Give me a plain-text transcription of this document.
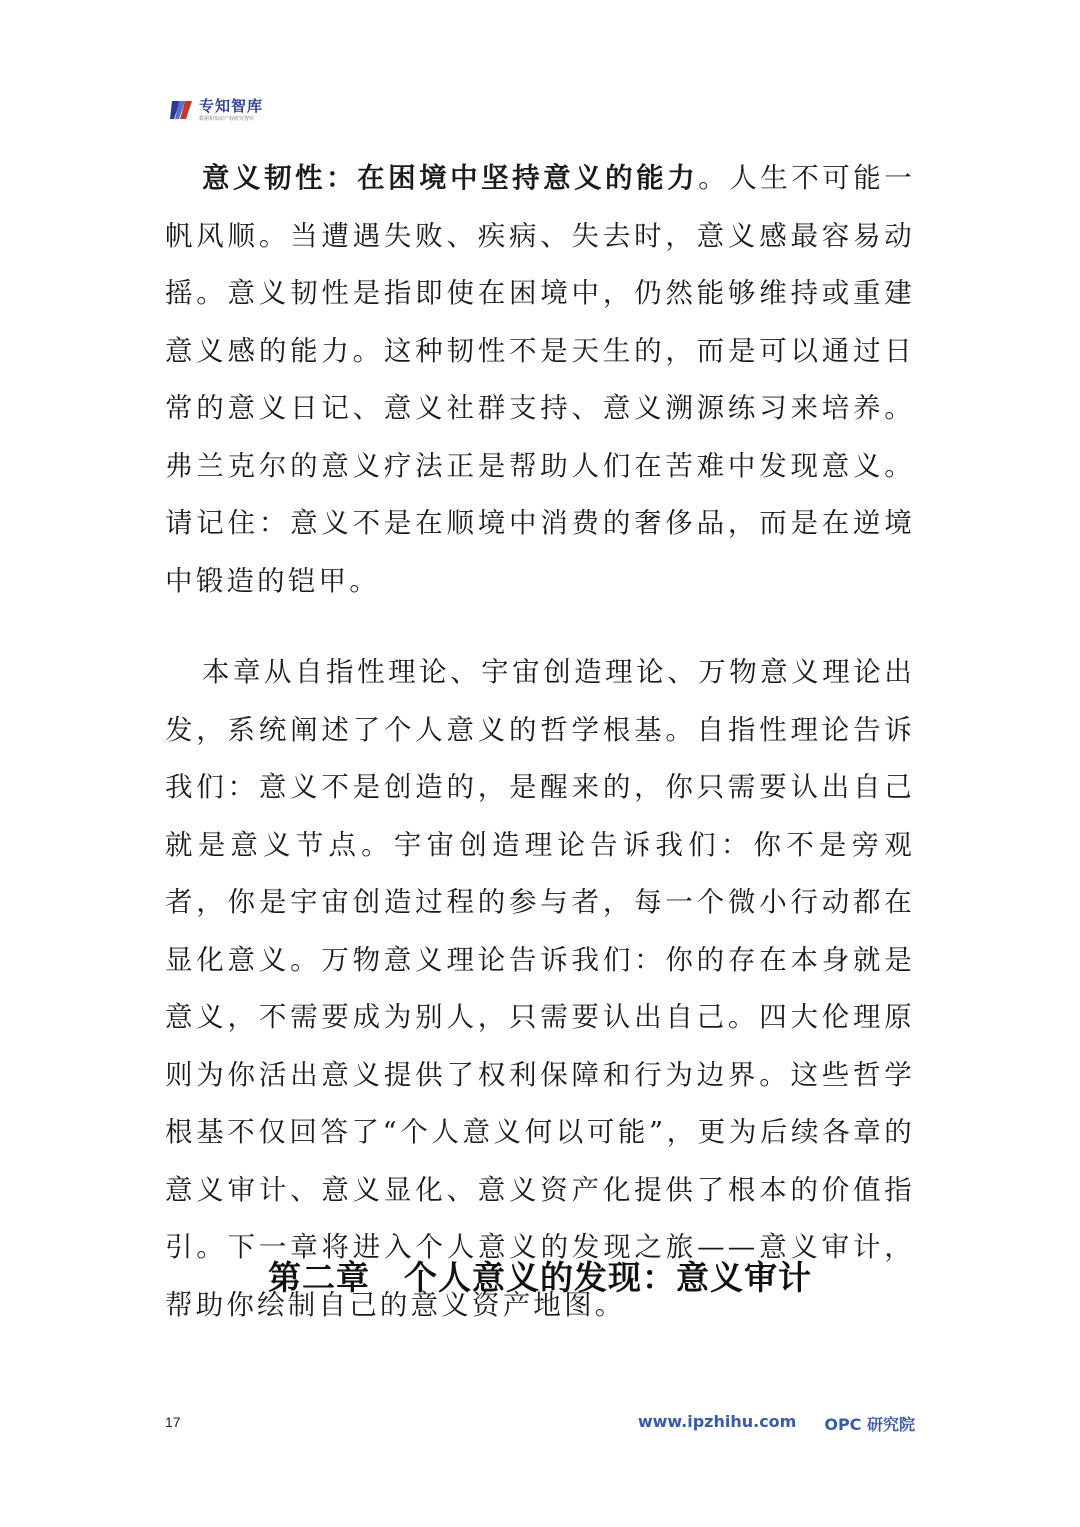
专知智库
数据和知识产权研究智库

意义韧性：在困境中坚持意义的能力。人生不可能一帆风顺。当遭遇失败、疾病、失去时，意义感最容易动摇。意义韧性是指即使在困境中，仍然能够维持或重建意义感的能力。这种韧性不是天生的，而是可以通过日常的意义日记、意义社群支持、意义溯源练习来培养。弗兰克尔的意义疗法正是帮助人们在苦难中发现意义。请记住：意义不是在顺境中消费的奢侈品，而是在逆境中锻造的铠甲。

本章从自指性理论、宇宙创造理论、万物意义理论出发，系统阐述了个人意义的哲学根基。自指性理论告诉我们：意义不是创造的，是醒来的，你只需要认出自己就是意义节点。宇宙创造理论告诉我们：你不是旁观者，你是宇宙创造过程的参与者，每一个微小行动都在显化意义。万物意义理论告诉我们：你的存在本身就是意义，不需要成为别人，只需要认出自己。四大伦理原则为你活出意义提供了权利保障和行为边界。这些哲学根基不仅回答了“个人意义何以可能”，更为后续各章的意义审计、意义显化、意义资产化提供了根本的价值指引。下一章将进入个人意义的发现之旅——意义审计，帮助你绘制自己的意义资产地图。

第二章　个人意义的发现：意义审计
17	www.ipzhihu.com OPC 研究院
